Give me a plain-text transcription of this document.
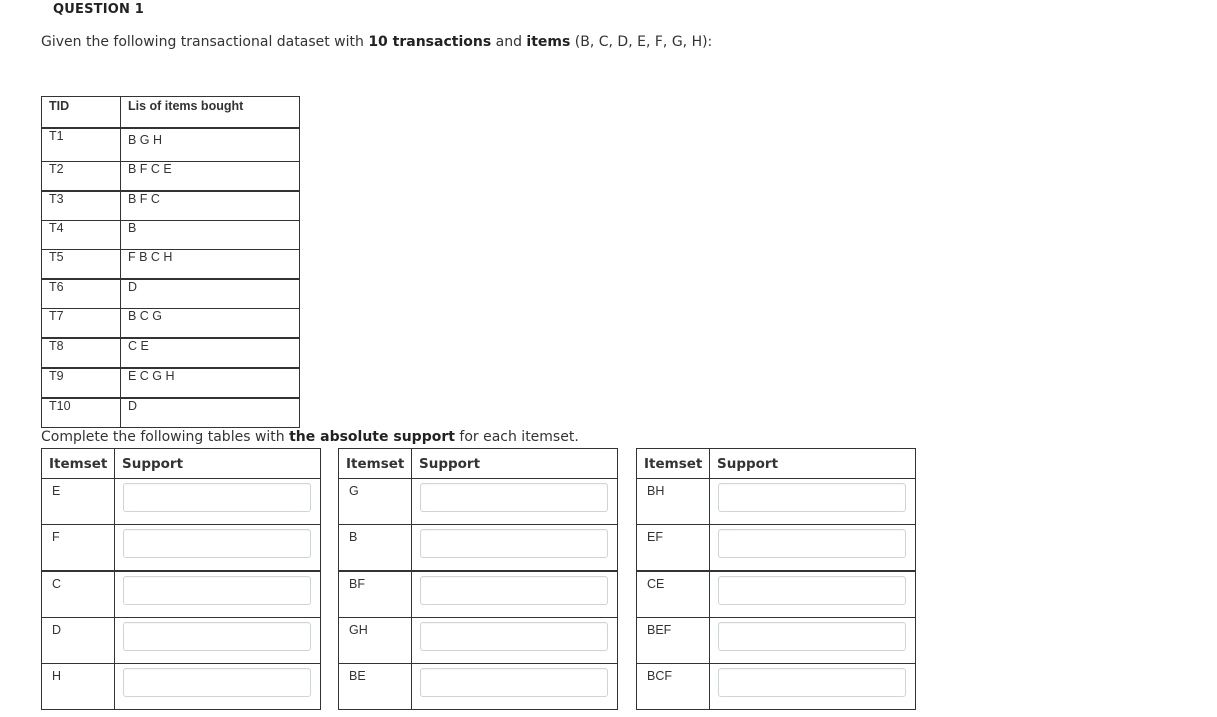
QUESTION 1
Given the following transactional dataset with 10 transactions and items (B, C, D, E, F, G, H):
TID	Lis of items bought
T1	B G H
T2	B F C E
T3	B F C
T4	B
T5	F B C H
T6	D
T7	B C G
T8	C E
T9	E C G H
T10	D
Complete the following tables with the absolute support for each itemset.
Itemset	Support
E	
F	
C	
D	
H	
Itemset	Support
G	
B	
BF	
GH	
BE	
Itemset	Support
BH	
EF	
CE	
BEF	
BCF	
